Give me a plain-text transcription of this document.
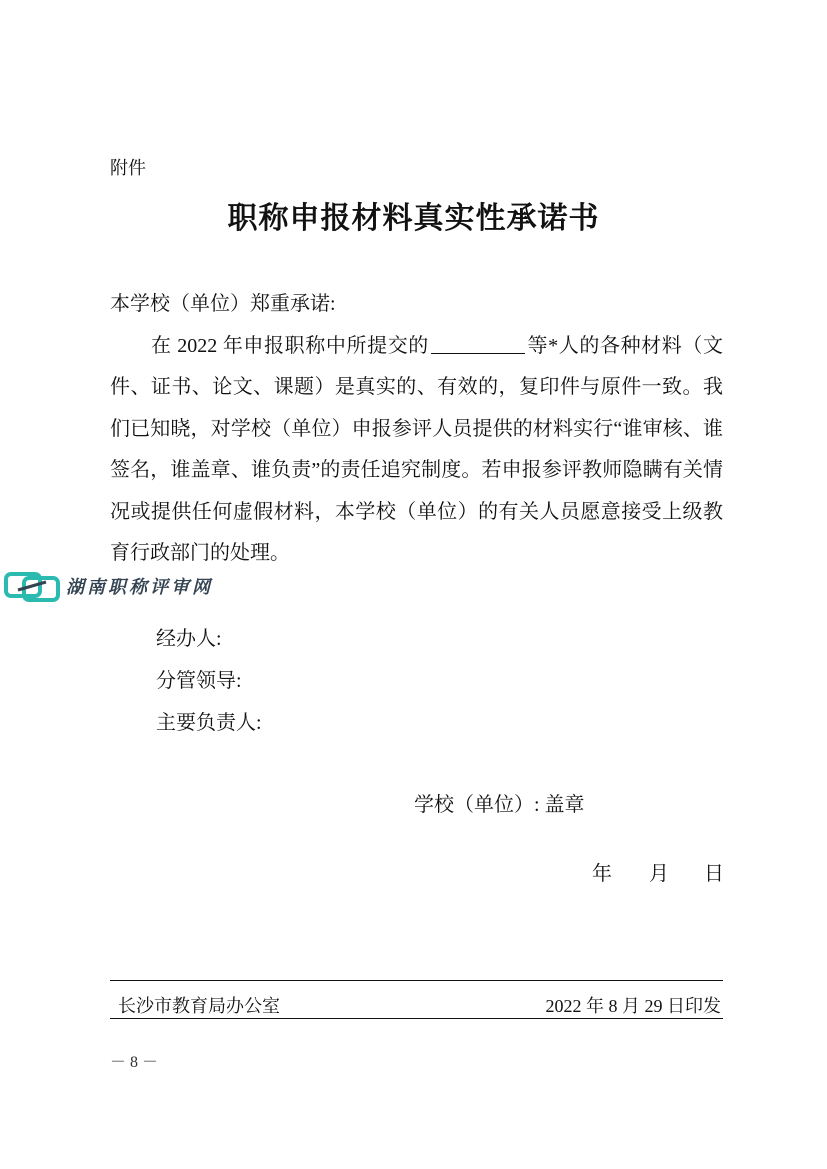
附件
职称申报材料真实性承诺书

本学校（单位）郑重承诺:

在 2022 年申报职称中所提交的	等*人的各种材料（文件、证书、论文、课题）是真实的、有效的，复印件与原件一致。我们已知晓，对学校（单位）申报参评人员提供的材料实行“谁审核、谁签名，谁盖章、谁负责”的责任追究制度。若申报参评教师隐瞒有关情况或提供任何虚假材料，本学校（单位）的有关人员愿意接受上级教育行政部门的处理。

湖南职称评审网
经办人:
分管领导:
主要负责人:
学校（单位）: 盖章
年 月 日
长沙市教育局办公室	2022 年 8 月 29 日印发
－ 8 －
